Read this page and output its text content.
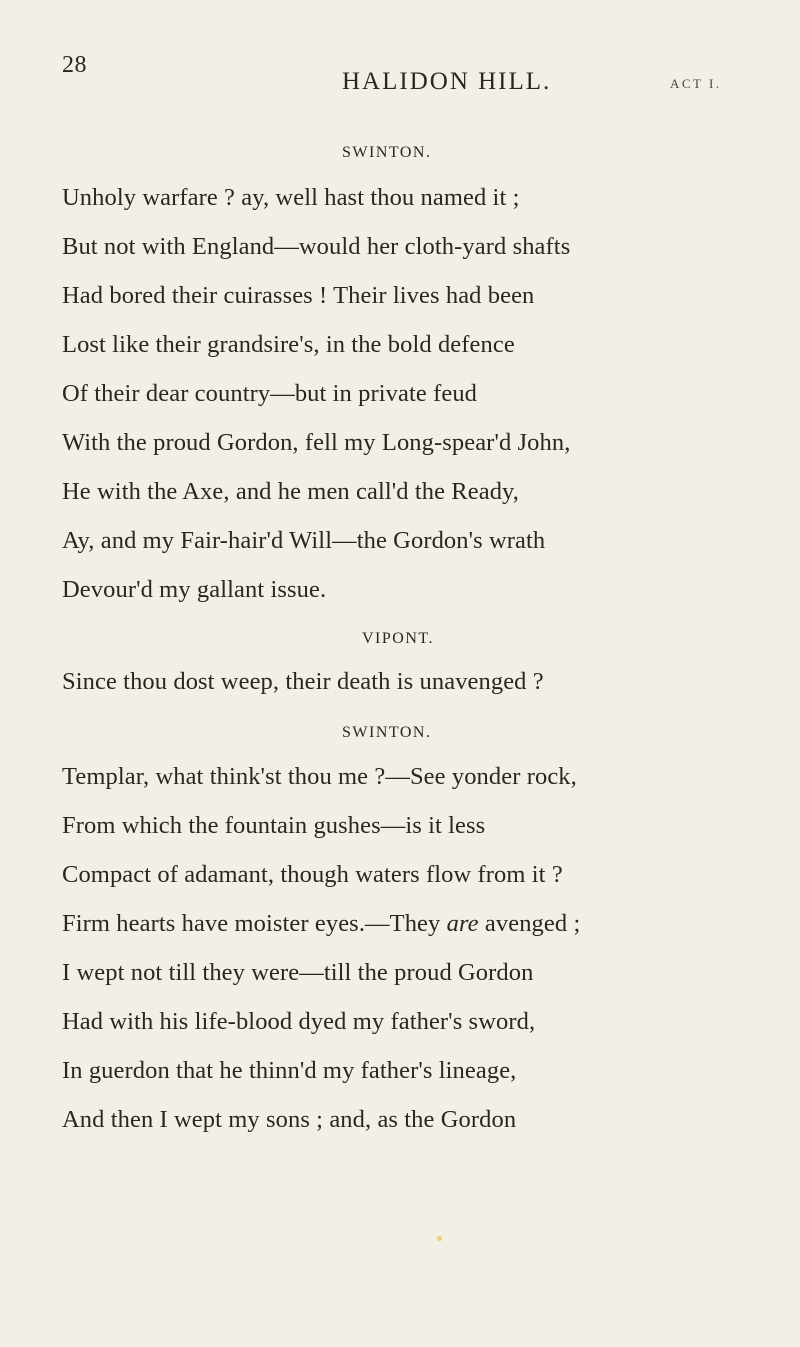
28
HALIDON HILL.	ACT I.
SWINTON.
Unholy warfare ? ay, well hast thou named it ;
But not with England—would her cloth-yard shafts
Had bored their cuirasses ! Their lives had been
Lost like their grandsire's, in the bold defence
Of their dear country—but in private feud
With the proud Gordon, fell my Long-spear'd John,
He with the Axe, and he men call'd the Ready,
Ay, and my Fair-hair'd Will—the Gordon's wrath
Devour'd my gallant issue.
VIPONT.
Since thou dost weep, their death is unavenged ?
SWINTON.
Templar, what think'st thou me ?—See yonder rock,
From which the fountain gushes—is it less
Compact of adamant, though waters flow from it ?
Firm hearts have moister eyes.—They are avenged ;
I wept not till they were—till the proud Gordon
Had with his life-blood dyed my father's sword,
In guerdon that he thinn'd my father's lineage,
And then I wept my sons ; and, as the Gordon
